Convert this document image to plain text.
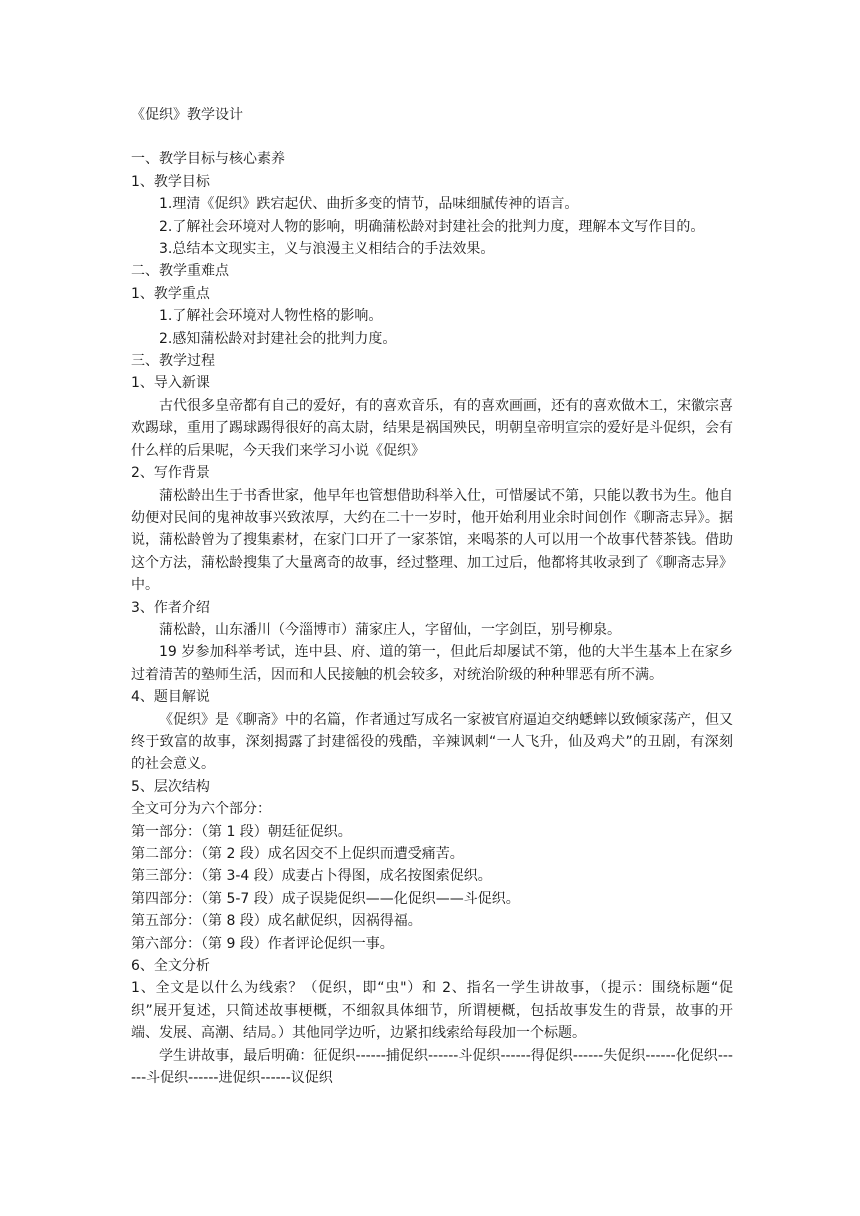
《促织》教学设计
一、教学目标与核心素养
1、教学目标
1.理清《促织》跌宕起伏、曲折多变的情节，品味细腻传神的语言。
2.了解社会环境对人物的影响，明确蒲松龄对封建社会的批判力度，理解本文写作目的。
3.总结本文现实主，义与浪漫主义相结合的手法效果。
二、教学重难点
1、教学重点
1.了解社会环境对人物性格的影响。
2.感知蒲松龄对封建社会的批判力度。
三、教学过程
1、导入新课
古代很多皇帝都有自己的爱好，有的喜欢音乐，有的喜欢画画，还有的喜欢做木工，宋徽宗喜欢踢球，重用了踢球踢得很好的高太尉，结果是祸国殃民，明朝皇帝明宣宗的爱好是斗促织，会有什么样的后果呢，今天我们来学习小说《促织》
2、写作背景
蒲松龄出生于书香世家，他早年也管想借助科举入仕，可惜屡试不第，只能以教书为生。他自幼便对民间的鬼神故事兴致浓厚，大约在二十一岁时，他开始利用业余时间创作《聊斋志异》。据说，蒲松龄曾为了搜集素材，在家门口开了一家茶馆，来喝茶的人可以用一个故事代替茶钱。借助这个方法，蒲松龄搜集了大量离奇的故事，经过整理、加工过后，他都将其收录到了《聊斋志异》中。
3、作者介绍
蒲松龄，山东潘川（今淄博市）蒲家庄人，字留仙，一字剑臣，别号柳泉。
19 岁参加科举考试，连中县、府、道的第一，但此后却屡试不第，他的大半生基本上在家乡过着清苦的塾师生活，因而和人民接触的机会较多，对统治阶级的种种罪恶有所不满。
4、题目解说
《促织》是《聊斋》中的名篇，作者通过写成名一家被官府逼迫交纳蟋蟀以致倾家荡产，但又终于致富的故事，深刻揭露了封建徭役的残酷，辛辣讽刺“一人飞升，仙及鸡犬”的丑剧，有深刻的社会意义。
5、层次结构
全文可分为六个部分：
第一部分：（第 1 段）朝廷征促织。
第二部分：（第 2 段）成名因交不上促织而遭受痛苦。
第三部分：（第 3-4 段）成妻占卜得图，成名按图索促织。
第四部分：（第 5-7 段）成子误毙促织——化促织——斗促织。
第五部分：（第 8 段）成名献促织，因祸得福。
第六部分：（第 9 段）作者评论促织一事。
6、全文分析
1、全文是以什么为线索？（促织，即“虫"）和 2、指名一学生讲故事，（提示：围绕标题“促织”展开复述，只简述故事梗概，不细叙具体细节，所谓梗概，包括故事发生的背景，故事的开端、发展、高潮、结局。）其他同学边听，边紧扣线索给每段加一个标题。
学生讲故事，最后明确：征促织------捕促织------斗促织------得促织------失促织------化促织------斗促织------进促织------议促织
